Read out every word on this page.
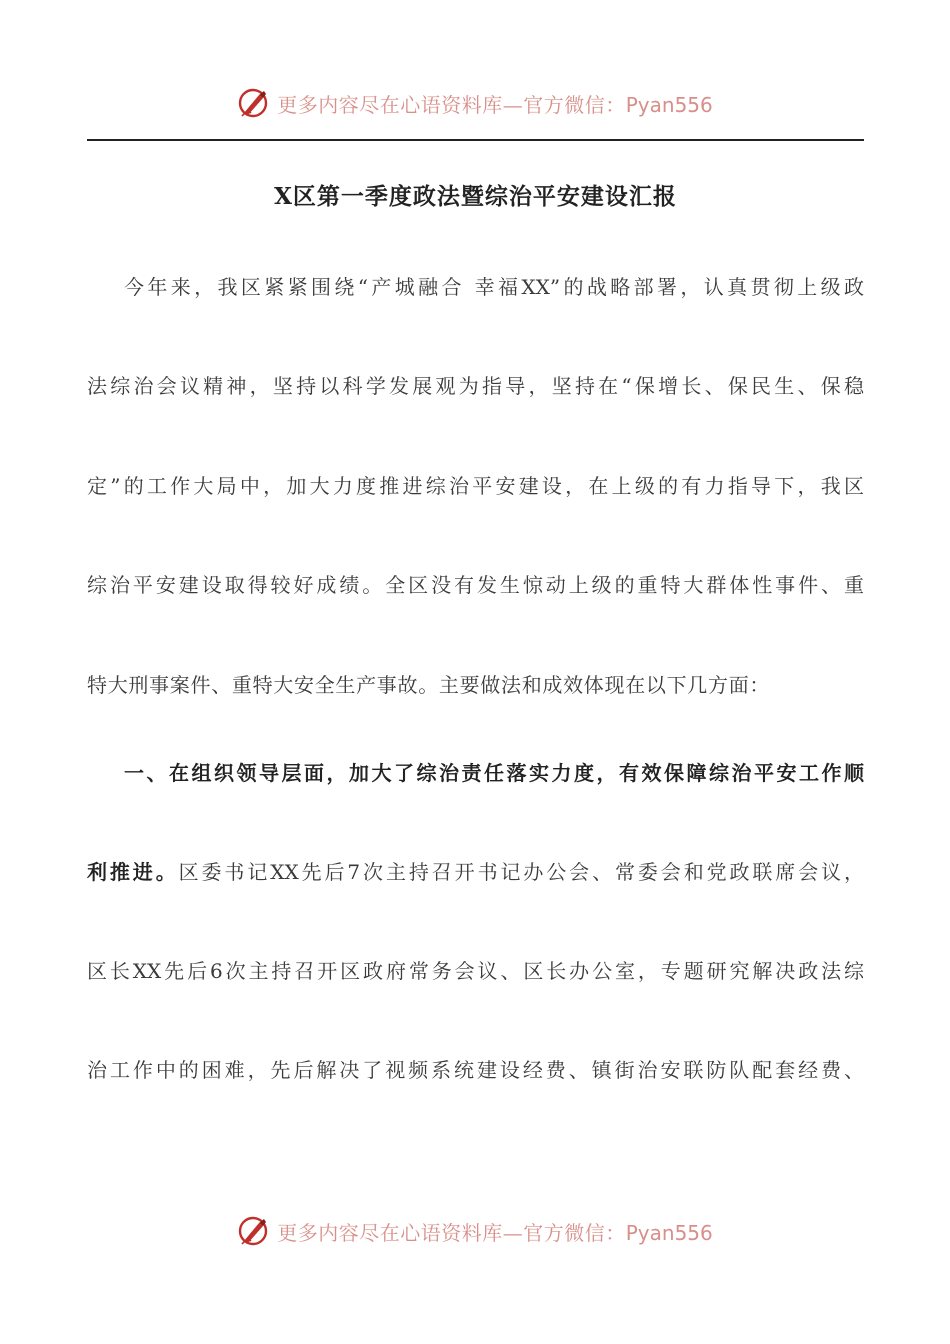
更多内容尽在心语资料库—官方微信：Pyan556
X区第一季度政法暨综治平安建设汇报
今年来，我区紧紧围绕“产城融合 幸福XX”的战略部署，认真贯彻上级政
法综治会议精神，坚持以科学发展观为指导，坚持在“保增长、保民生、保稳
定”的工作大局中，加大力度推进综治平安建设，在上级的有力指导下，我区
综治平安建设取得较好成绩。全区没有发生惊动上级的重特大群体性事件、重
特大刑事案件、重特大安全生产事故。主要做法和成效体现在以下几方面：
一、在组织领导层面，加大了综治责任落实力度，有效保障综治平安工作顺
利推进。区委书记XX先后7次主持召开书记办公会、常委会和党政联席会议，
区长XX先后6次主持召开区政府常务会议、区长办公室，专题研究解决政法综
治工作中的困难，先后解决了视频系统建设经费、镇街治安联防队配套经费、
更多内容尽在心语资料库—官方微信：Pyan556
